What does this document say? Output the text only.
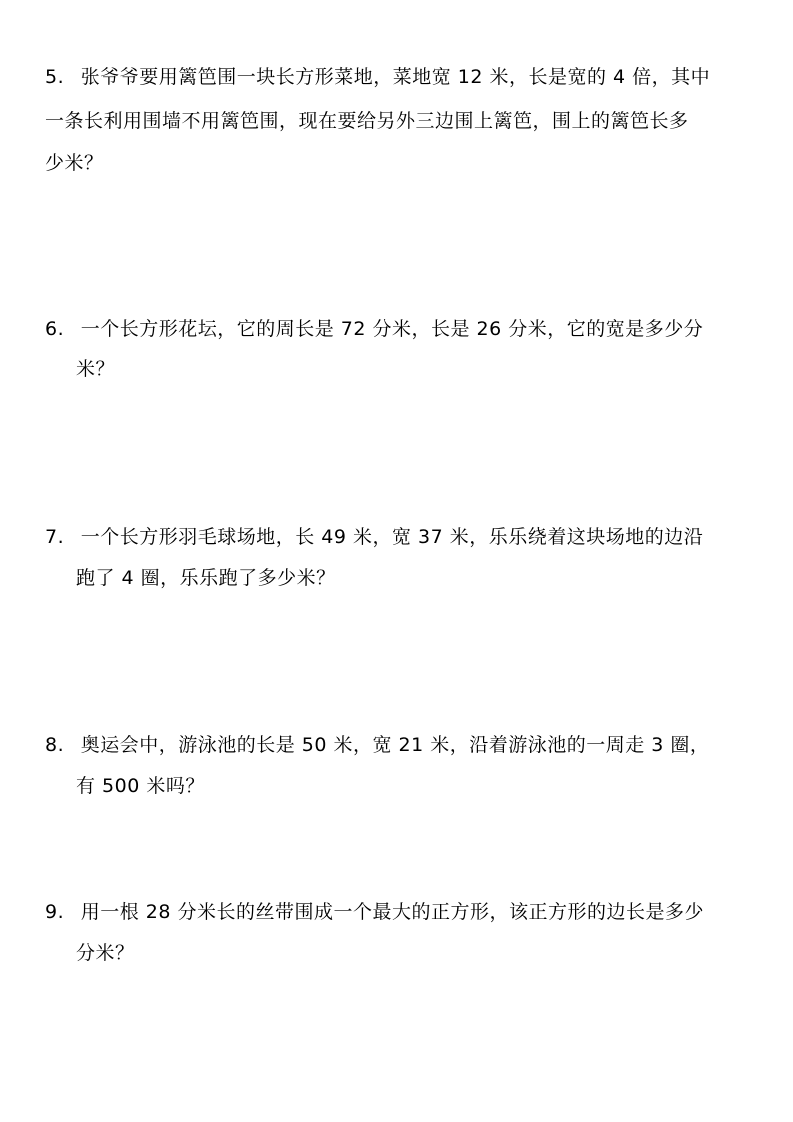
5. 张爷爷要用篱笆围一块长方形菜地，菜地宽 12 米，长是宽的 4 倍，其中
一条长利用围墙不用篱笆围，现在要给另外三边围上篱笆，围上的篱笆长多
少米？
6. 一个长方形花坛，它的周长是 72 分米，长是 26 分米，它的宽是多少分
米？
7. 一个长方形羽毛球场地，长 49 米，宽 37 米，乐乐绕着这块场地的边沿
跑了 4 圈，乐乐跑了多少米？
8. 奥运会中，游泳池的长是 50 米，宽 21 米，沿着游泳池的一周走 3 圈，
有 500 米吗？
9. 用一根 28 分米长的丝带围成一个最大的正方形，该正方形的边长是多少
分米？
